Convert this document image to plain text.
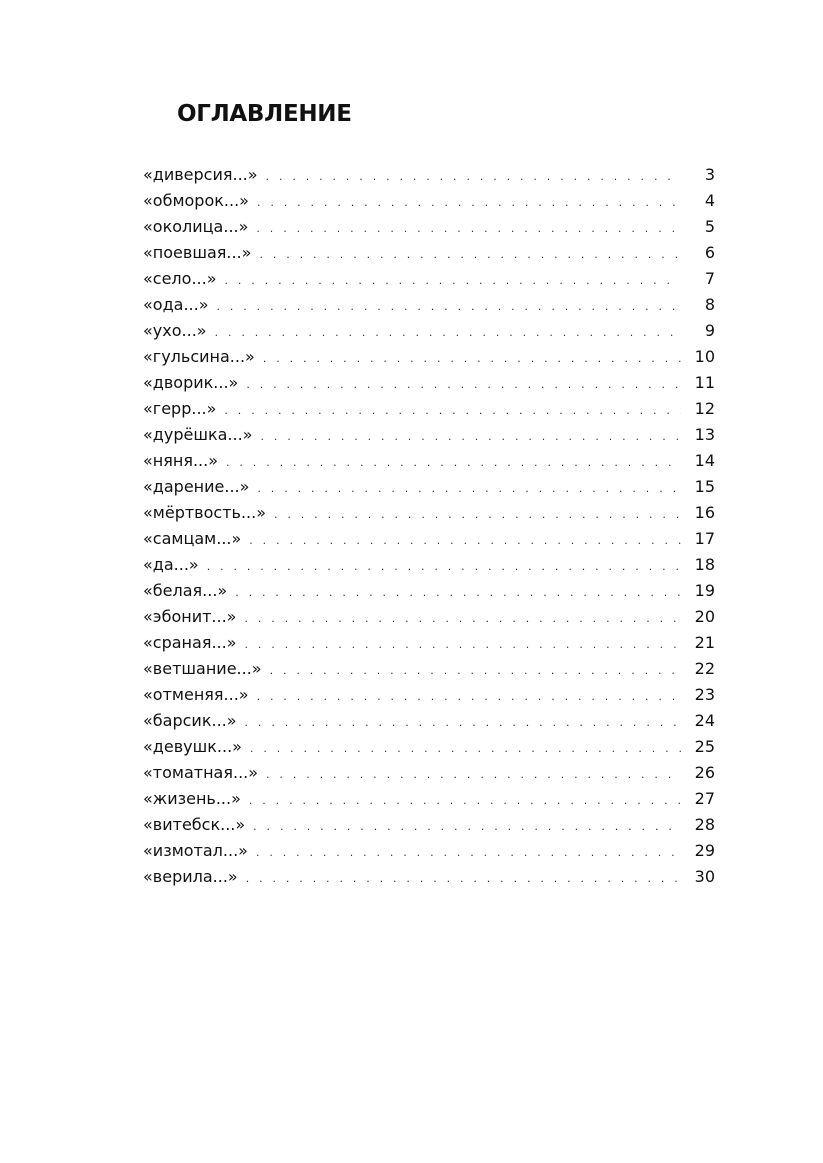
ОГЛАВЛЕНИЕ
«диверсия...» . . .	3
«обморок...» . . .	4
«околица...» . . .	5
«поевшая...» . . .	6
«село...» . . .	7
«ода...» . . .	8
«ухо...» . . .	9
«гульсина...» . . .	10
«дворик...» . . .	11
«герр...» . . .	12
«дурёшка...» . . .	13
«няня...» . . .	14
«дарение...» . . .	15
«мёртвость...» . . .	16
«самцам...» . . .	17
«да...» . . .	18
«белая...» . . .	19
«эбонит...» . . .	20
«сраная...» . . .	21
«ветшание...» . . .	22
«отменяя...» . . .	23
«барсик...» . . .	24
«девушк...» . . .	25
«томатная...» . . .	26
«жизень...» . . .	27
«витебск...» . . .	28
«измотал...» . . .	29
«верила...» . . .	30
